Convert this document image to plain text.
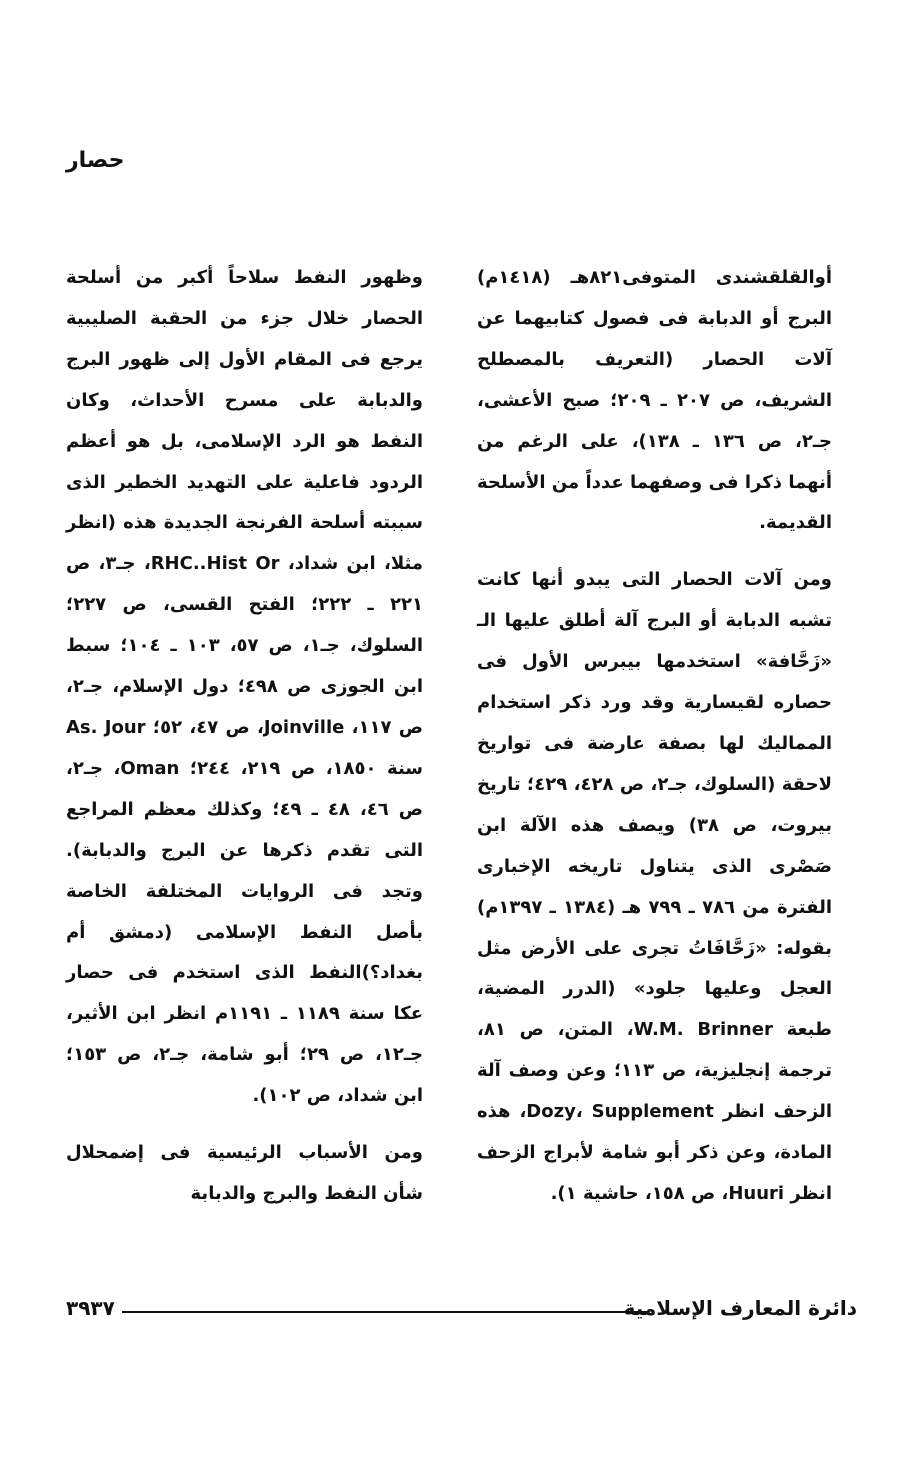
حصار

أوالقلقشندى المتوفى٨٢١هـ (١٤١٨م) البرج أو الدبابة فى فصول كتابيهما عن آلات الحصار (التعريف بالمصطلح الشريف، ص ٢٠٧ ـ ٢٠٩؛ صبح الأعشى، جـ٢، ص ١٣٦ ـ ١٣٨)، على الرغم من أنهما ذكرا فى وصفهما عدداً من الأسلحة القديمة.

ومن آلات الحصار التى يبدو أنها كانت تشبه الدبابة أو البرج آلة أطلق عليها الـ «زَحَّافة» استخدمها بيبرس الأول فى حصاره لقيسارية وقد ورد ذكر استخدام المماليك لها بصفة عارضة فى تواريخ لاحقة (السلوك، جـ٢، ص ٤٢٨، ٤٢٩؛ تاريخ بيروت، ص ٣٨) ويصف هذه الآلة ابن صَصْرى الذى يتناول تاريخه الإخبارى الفترة من ٧٨٦ ـ ٧٩٩ هـ (١٣٨٤ ـ ١٣٩٧م) بقوله: «زَحَّافَاتُ تجرى على الأرض مثل العجل وعليها جلود» (الدرر المضية، طبعة W.M. Brinner، المتن، ص ٨١، ترجمة إنجليزية، ص ١١٣؛ وعن وصف آلة الزحف انظر Dozy، Supplement، هذه المادة، وعن ذكر أبو شامة لأبراج الزحف انظر Huuri، ص ١٥٨، حاشية ١).

وظهور النفط سلاحاً أكبر من أسلحة الحصار خلال جزء من الحقبة الصليبية يرجع فى المقام الأول إلى ظهور البرج والدبابة على مسرح الأحداث، وكان النفط هو الرد الإسلامى، بل هو أعظم الردود فاعلية على التهديد الخطير الذى سببته أسلحة الفرنجة الجديدة هذه (انظر مثلا، ابن شداد، RHC..Hist Or، جـ٣، ص ٢٢١ ـ ٢٢٢؛ الفتح القسى، ص ٢٢٧؛ السلوك، جـ١، ص ٥٧، ١٠٣ ـ ١٠٤؛ سبط ابن الجوزى ص ٤٩٨؛ دول الإسلام، جـ٢، ص ١١٧، Joinville، ص ٤٧، ٥٢؛ As. Jour سنة ١٨٥٠، ص ٢١٩، ٢٤٤؛ Oman، جـ٢، ص ٤٦، ٤٨ ـ ٤٩؛ وكذلك معظم المراجع التى تقدم ذكرها عن البرج والدبابة). وتجد فى الروايات المختلفة الخاصة بأصل النفط الإسلامى (دمشق أم بغداد؟)النفط الذى استخدم فى حصار عكا سنة ١١٨٩ ـ ١١٩١م انظر ابن الأثير، جـ١٢، ص ٢٩؛ أبو شامة، جـ٢، ص ١٥٣؛ ابن شداد، ص ١٠٢).

ومن الأسباب الرئيسية فى إضمحلال شأن النفط والبرج والدبابة

دائرة المعارف الإسلامية
٣٩٣٧
